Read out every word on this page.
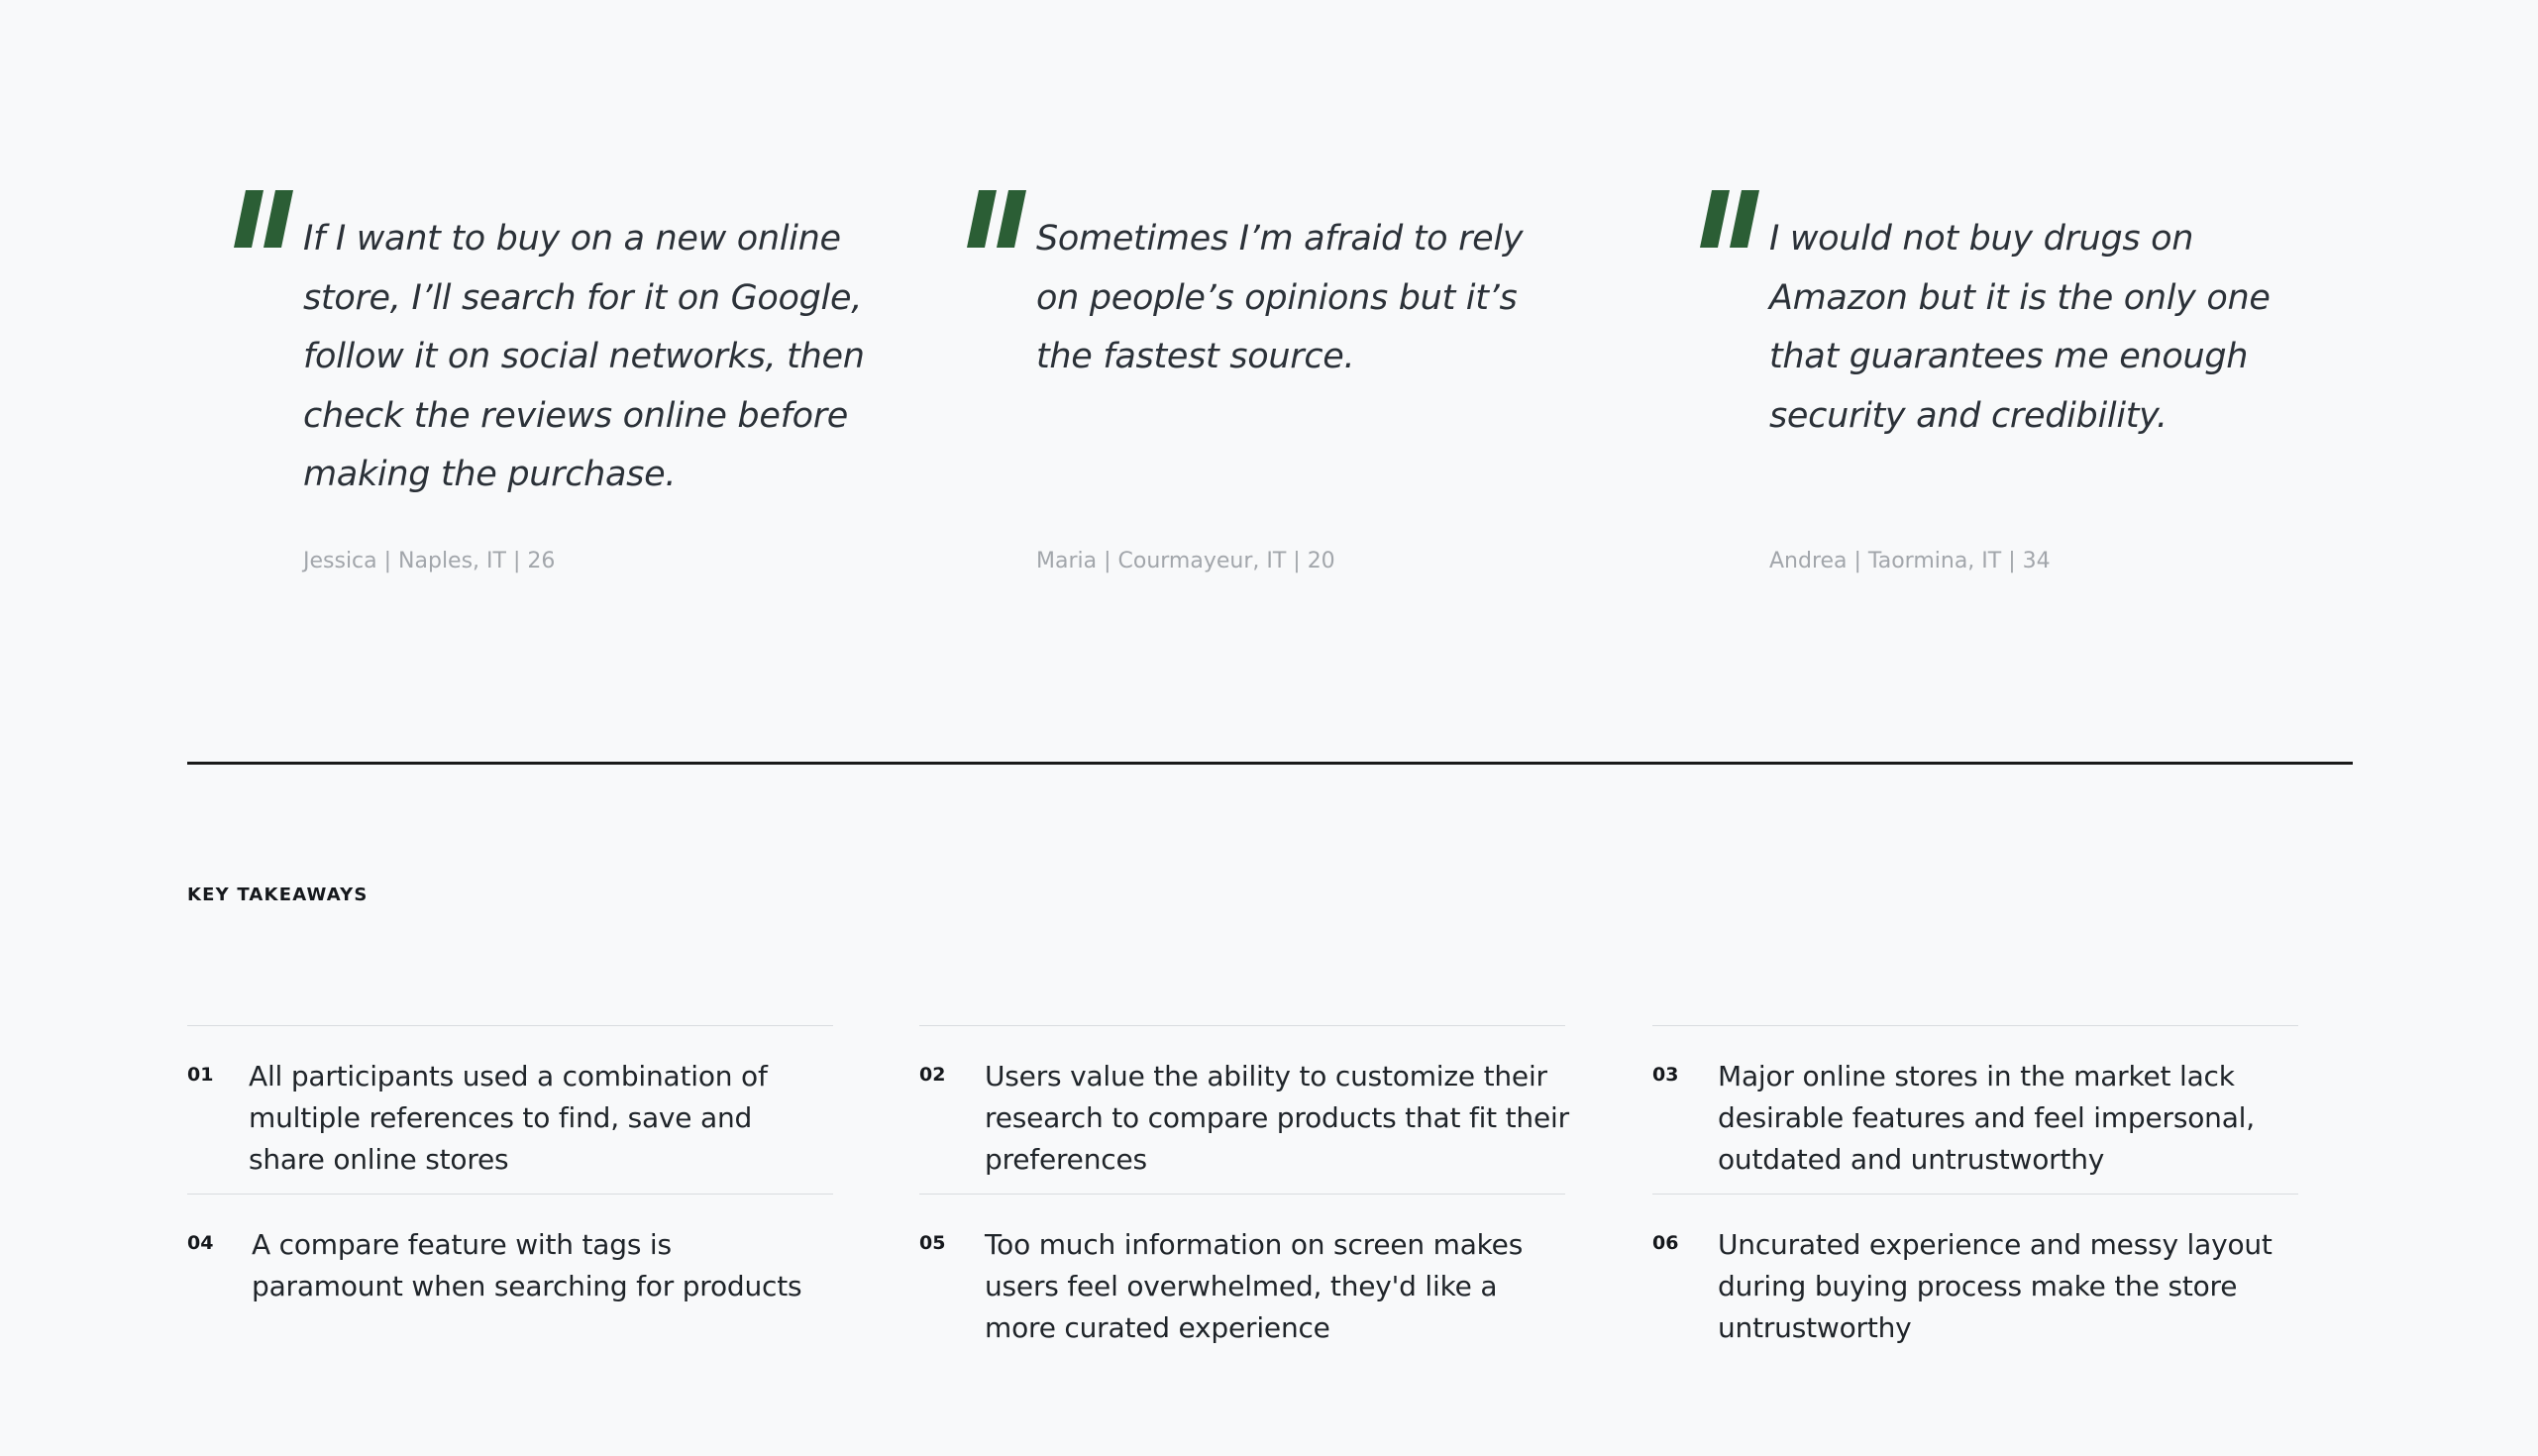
If I want to buy on a new online store, I’ll search for it on Google, follow it on social networks, then check the reviews online before making the purchase.

Jessica | Naples, IT | 26

Sometimes I’m afraid to rely on people’s opinions but it’s the fastest source.

Maria | Courmayeur, IT | 20

I would not buy drugs on Amazon but it is the only one that guarantees me enough security and credibility.

Andrea | Taormina, IT | 34
KEY TAKEAWAYS
01 All participants used a combination of multiple references to find, save and share online stores

02 Users value the ability to customize their research to compare products that fit their preferences

03 Major online stores in the market lack desirable features and feel impersonal, outdated and untrustworthy

04 A compare feature with tags is paramount when searching for products

05 Too much information on screen makes users feel overwhelmed, they'd like a more curated experience

06 Uncurated experience and messy layout during buying process make the store untrustworthy
